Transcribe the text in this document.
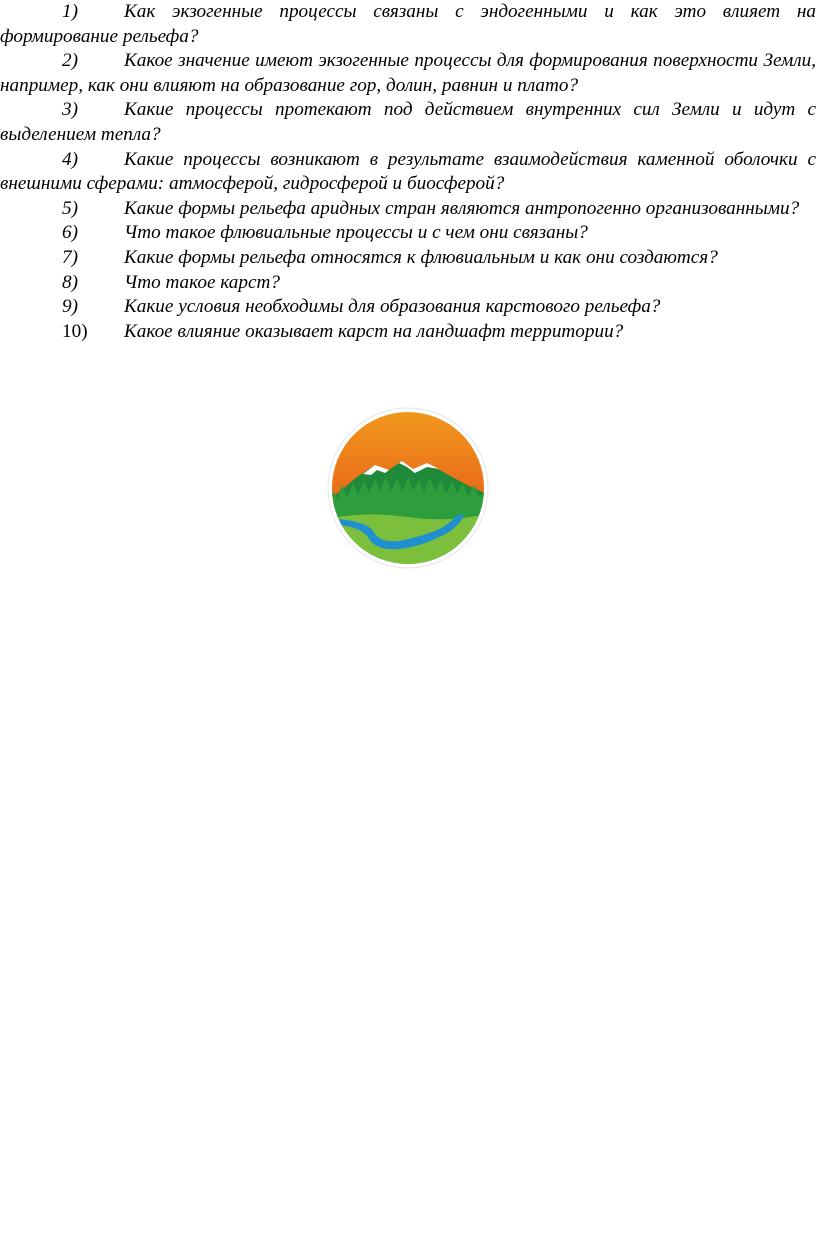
1) Как экзогенные процессы связаны с эндогенными и как это влияет на формирование рельефа?
2) Какое значение имеют экзогенные процессы для формирования поверхности Земли, например, как они влияют на образование гор, долин, равнин и плато?
3) Какие процессы протекают под действием внутренних сил Земли и идут с выделением тепла?
4) Какие процессы возникают в результате взаимодействия каменной оболочки с внешними сферами: атмосферой, гидросферой и биосферой?
5) Какие формы рельефа аридных стран являются антропогенно организованными?
6) Что такое флювиальные процессы и с чем они связаны?
7) Какие формы рельефа относятся к флювиальным и как они создаются?
8) Что такое карст?
9) Какие условия необходимы для образования карстового рельефа?
10) Какое влияние оказывает карст на ландшафт территории?
